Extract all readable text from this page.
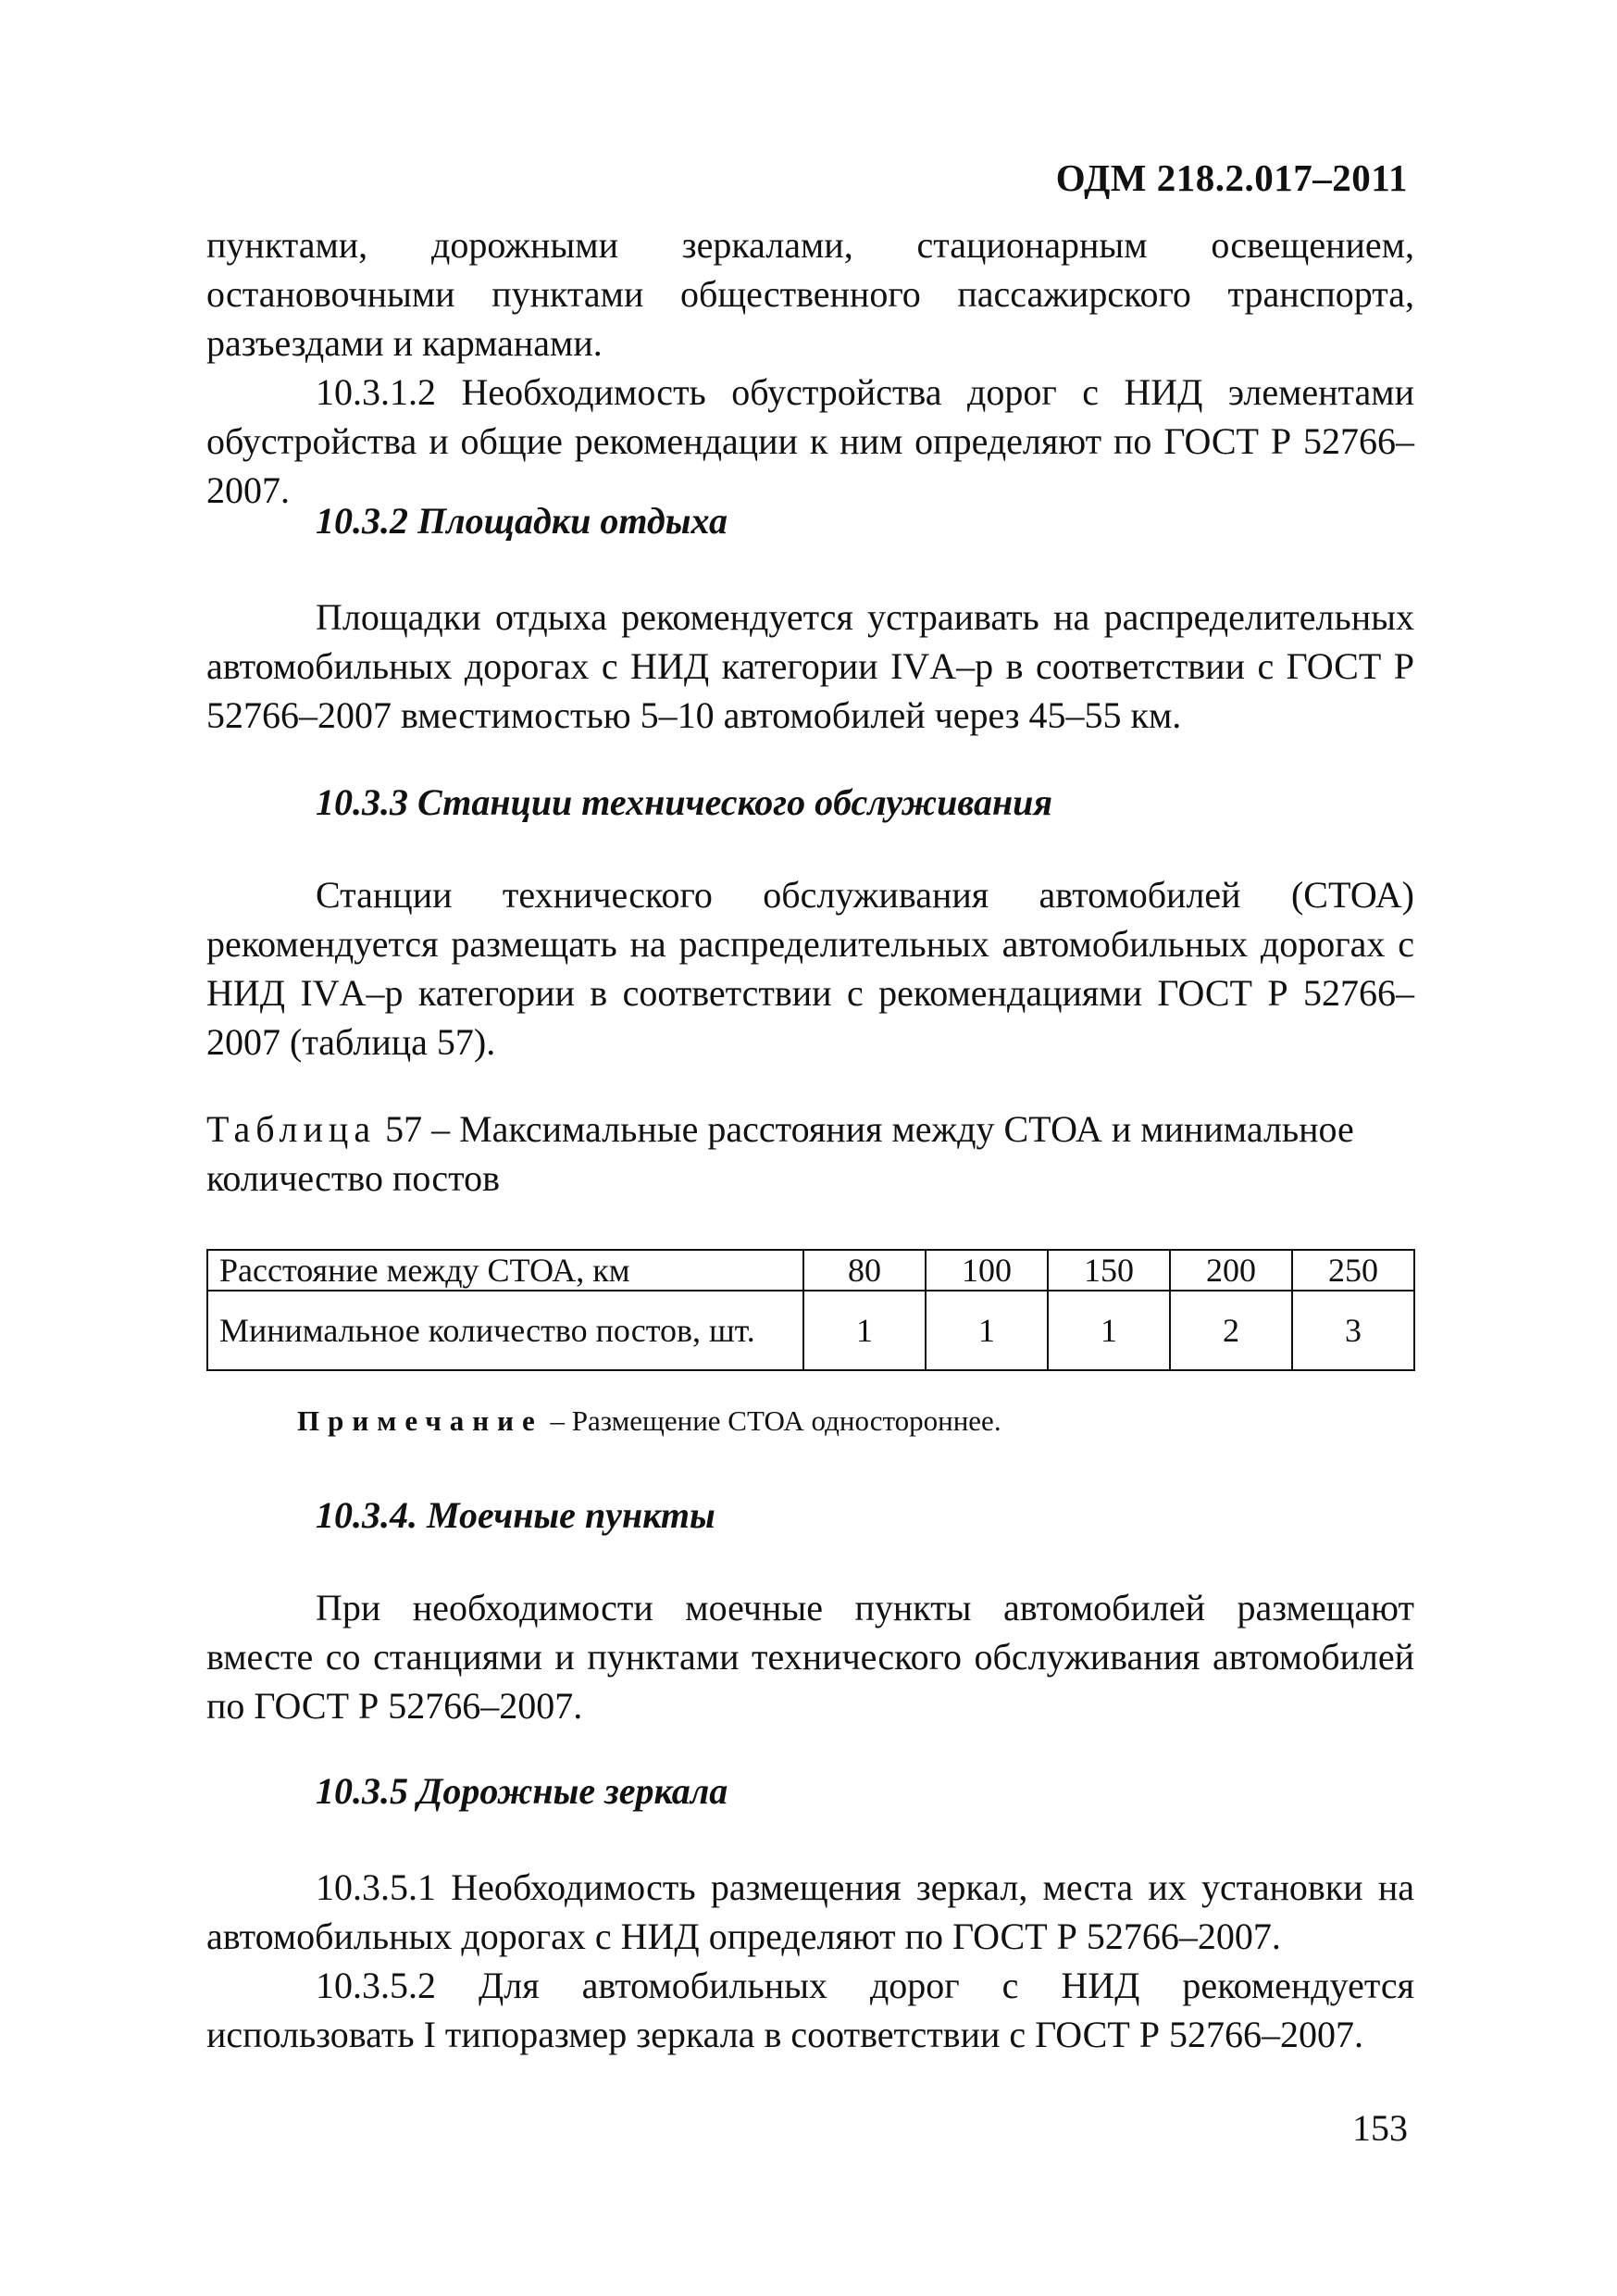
ОДМ 218.2.017–2011

пунктами, дорожными зеркалами, стационарным освещением, остановочными пунктами общественного пассажирского транспорта, разъездами и карманами.

10.3.1.2 Необходимость обустройства дорог с НИД элементами обустройства и общие рекомендации к ним определяют по ГОСТ Р 52766–2007.

10.3.2 Площадки отдыха

Площадки отдыха рекомендуется устраивать на распределительных автомобильных дорогах с НИД категории IVА–р в соответствии с ГОСТ Р 52766–2007 вместимостью 5–10 автомобилей через 45–55 км.

10.3.3 Станции технического обслуживания

Станции технического обслуживания автомобилей (СТОА) рекомендуется размещать на распределительных автомобильных дорогах с НИД IVА–р категории в соответствии с рекомендациями ГОСТ Р 52766–2007 (таблица 57).

Таблица 57 – Максимальные расстояния между СТОА и минимальное количество постов

Расстояние между СТОА, км	80	100	150	200	250
Минимальное количество постов, шт.	1	1	1	2	3
Примечание – Размещение СТОА одностороннее.
10.3.4. Моечные пункты

При необходимости моечные пункты автомобилей размещают вместе со станциями и пунктами технического обслуживания автомобилей по ГОСТ Р 52766–2007.

10.3.5 Дорожные зеркала

10.3.5.1 Необходимость размещения зеркал, места их установки на автомобильных дорогах с НИД определяют по ГОСТ Р 52766–2007.

10.3.5.2 Для автомобильных дорог с НИД рекомендуется использовать I типоразмер зеркала в соответствии с ГОСТ Р 52766–2007.

153
